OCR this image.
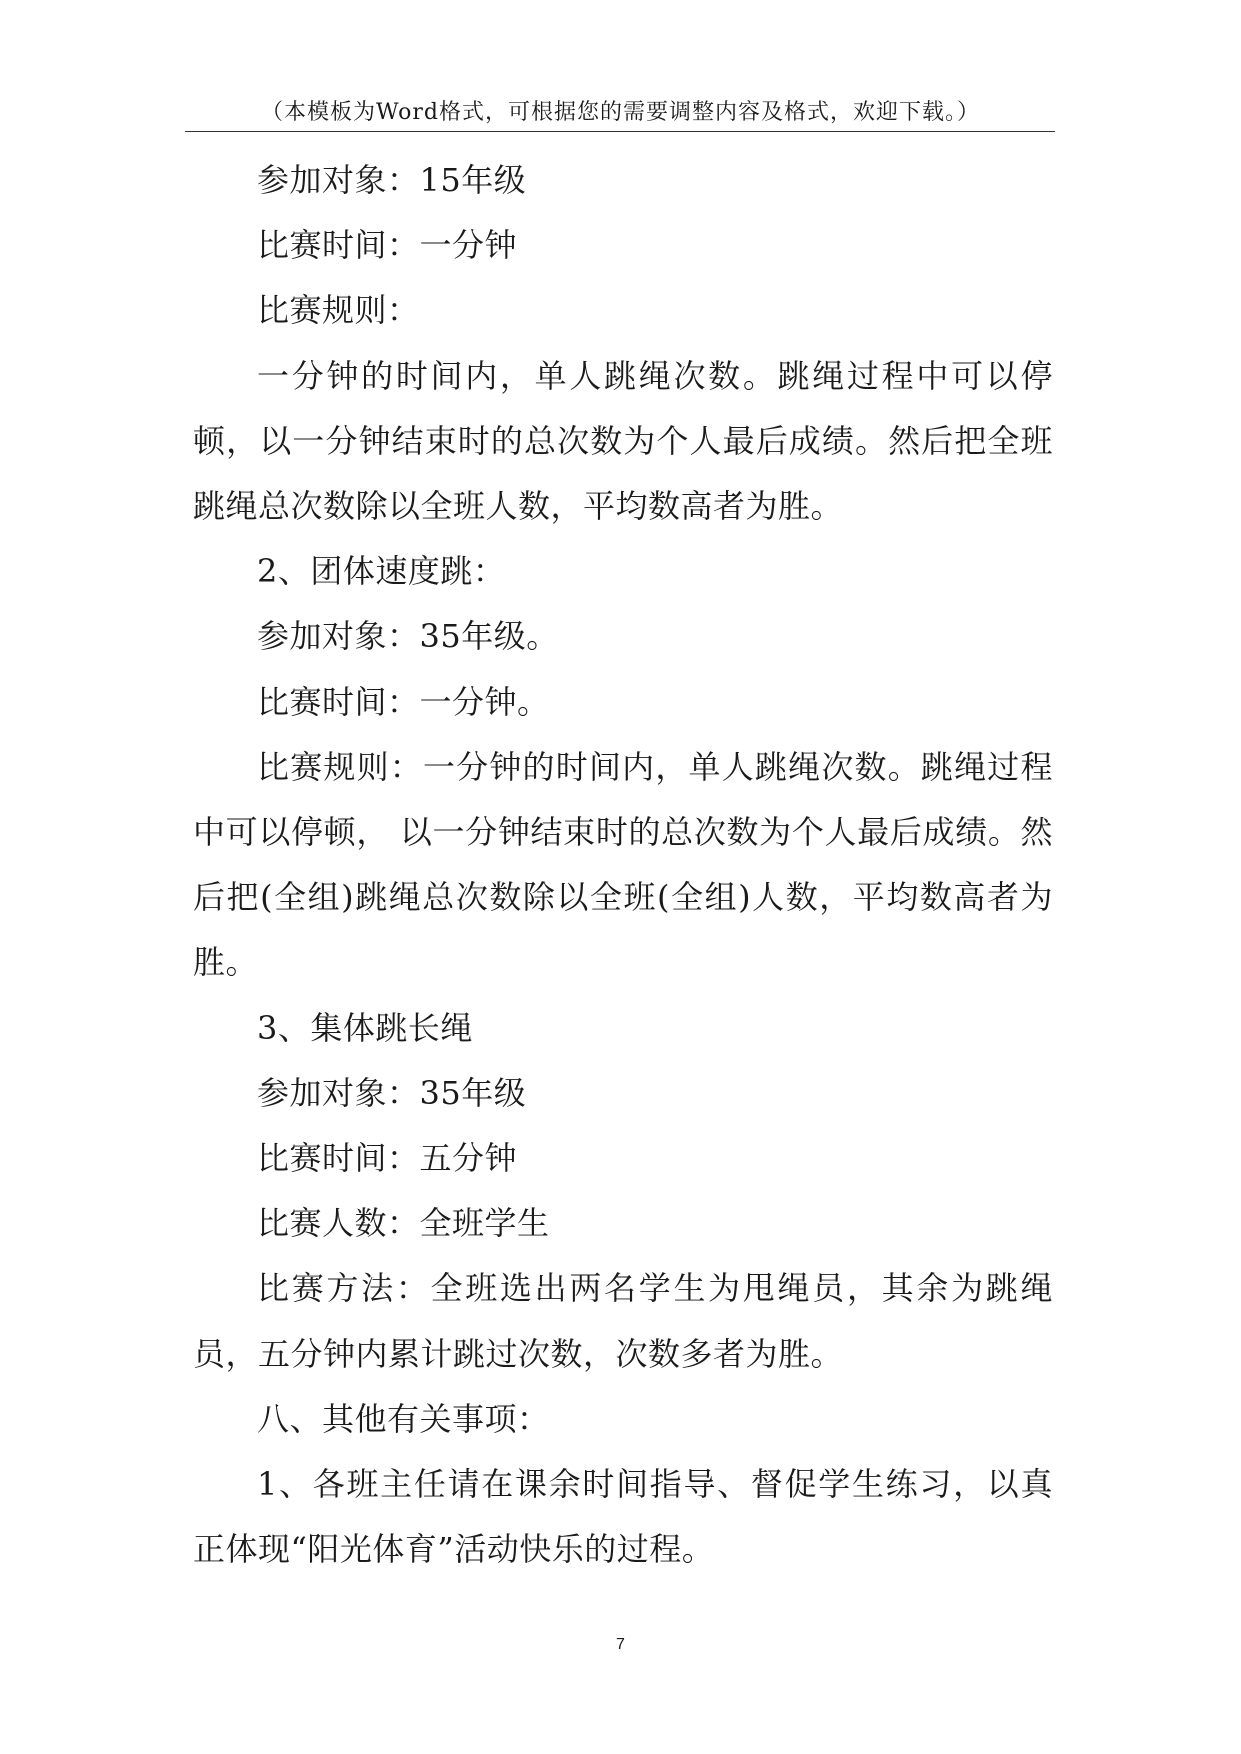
（本模板为Word格式，可根据您的需要调整内容及格式，欢迎下载。）

参加对象：15年级

比赛时间：一分钟

比赛规则：

一分钟的时间内，单人跳绳次数。跳绳过程中可以停顿，以一分钟结束时的总次数为个人最后成绩。然后把全班跳绳总次数除以全班人数，平均数高者为胜。

2、团体速度跳：

参加对象：35年级。

比赛时间：一分钟。

比赛规则：一分钟的时间内，单人跳绳次数。跳绳过程中可以停顿， 以一分钟结束时的总次数为个人最后成绩。然后把(全组)跳绳总次数除以全班(全组)人数，平均数高者为胜。

3、集体跳长绳

参加对象：35年级

比赛时间：五分钟

比赛人数：全班学生

比赛方法：全班选出两名学生为甩绳员，其余为跳绳员，五分钟内累计跳过次数，次数多者为胜。

八、其他有关事项：

1、各班主任请在课余时间指导、督促学生练习，以真正体现“阳光体育”活动快乐的过程。

7
